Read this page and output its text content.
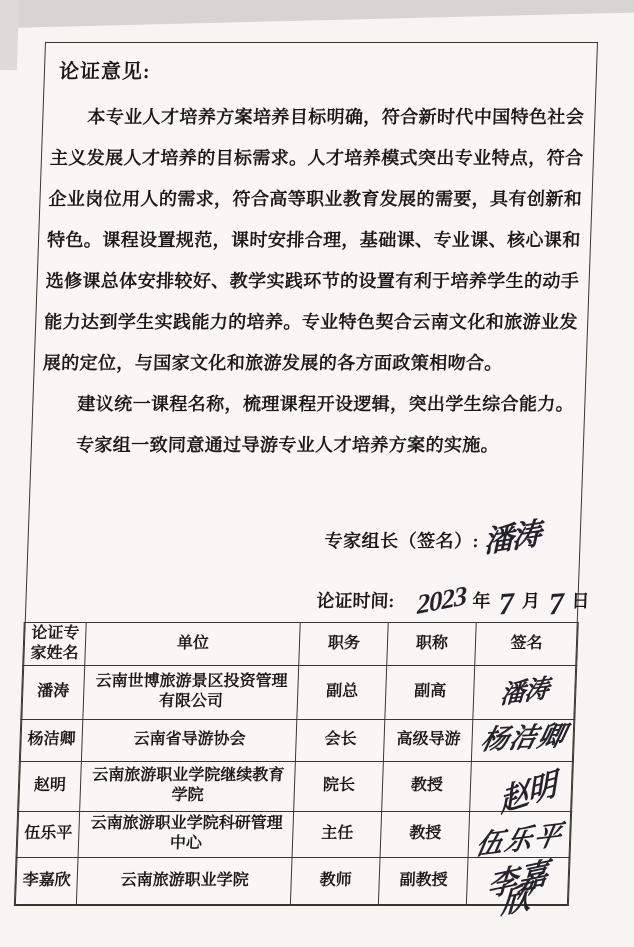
论证意见:
本专业人才培养方案培养目标明确，符合新时代中国特色社会
主义发展人才培养的目标需求。人才培养模式突出专业特点，符合
企业岗位用人的需求，符合高等职业教育发展的需要，具有创新和
特色。课程设置规范，课时安排合理，基础课、专业课、核心课和
选修课总体安排较好、教学实践环节的设置有利于培养学生的动手
能力达到学生实践能力的培养。专业特色契合云南文化和旅游业发
展的定位，与国家文化和旅游发展的各方面政策相吻合。
建议统一课程名称，梳理课程开设逻辑，突出学生综合能力。
专家组一致同意通过导游专业人才培养方案的实施。
专家组长（签名）: 潘涛
论证时间: 2023 年 7 月 7 日
论证专家姓名	单位	职务	职称	签名
潘涛	云南世博旅游景区投资管理有限公司	副总	副高	潘涛
杨洁卿	云南省导游协会	会长	高级导游	杨洁卿
赵明	云南旅游职业学院继续教育学院	院长	教授	赵明
伍乐平	云南旅游职业学院科研管理中心	主任	教授	伍乐平
李嘉欣	云南旅游职业学院	教师	副教授	李嘉欣
